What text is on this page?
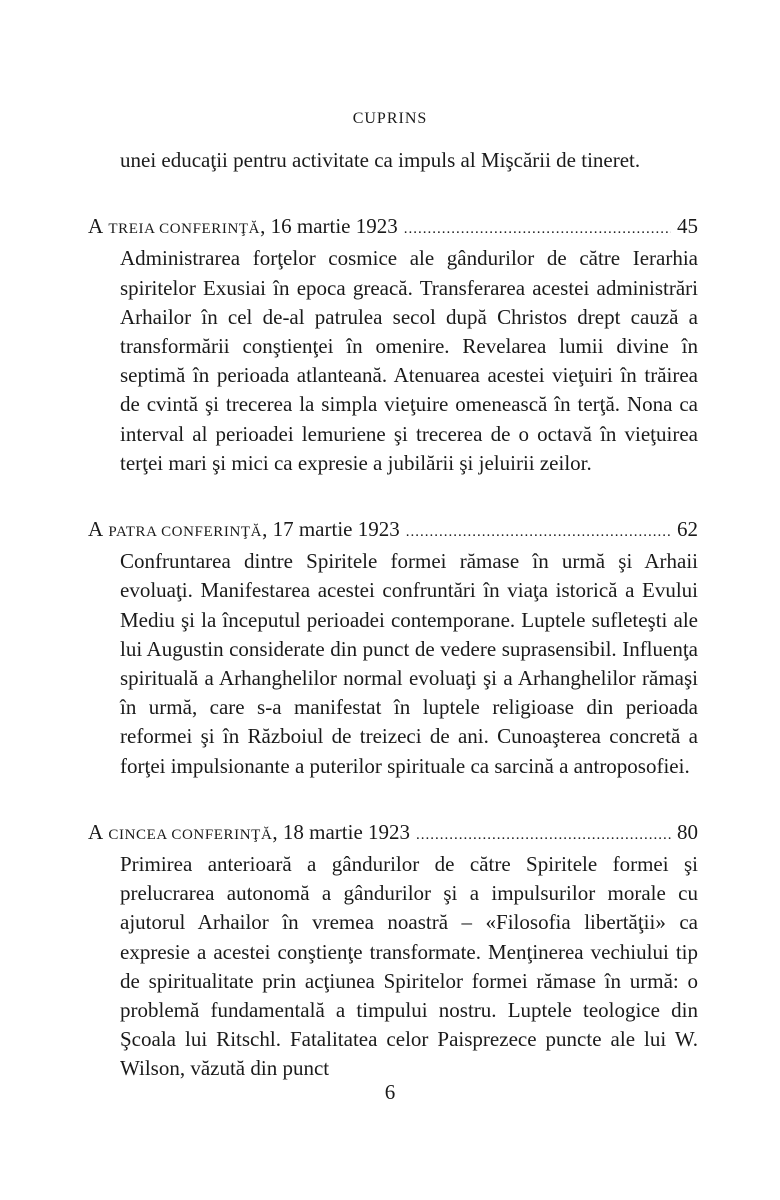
CUPRINS

unei educaţii pentru activitate ca impuls al Mişcării de tineret.

A
TREIA CONFERINŢĂ , 16 martie 1923 .....	45

Administrarea forţelor cosmice ale gândurilor de către Ierarhia spiritelor Exusiai în epoca greacă. Transferarea acestei administrări Arhailor în cel de-al patrulea secol după Christos drept cauză a transformării conştienţei în omenire. Revelarea lumii divine în septimă în perioada atlanteană. Atenuarea acestei vieţuiri în trăirea de cvintă şi trecerea la simpla vieţuire omenească în terţă. Nona ca interval al perioadei lemuriene şi trecerea de o octavă în vieţuirea terţei mari şi mici ca expresie a jubilării şi jeluirii zeilor.

A
PATRA CONFERINŢĂ , 17 martie 1923 .....	62

Confruntarea dintre Spiritele formei rămase în urmă şi Arhaii evoluaţi. Manifestarea acestei confruntări în viaţa istorică a Evului Mediu şi la începutul perioadei contemporane. Luptele sufleteşti ale lui Augustin considerate din punct de vedere suprasensibil. Influenţa spirituală a Arhanghelilor normal evoluaţi şi a Arhanghelilor rămaşi în urmă, care s-a manifestat în luptele religioase din perioada reformei şi în Războiul de treizeci de ani. Cunoaşterea concretă a forţei impulsionante a puterilor spirituale ca sarcină a antroposofiei.

A
CINCEA CONFERINŢĂ , 18 martie 1923 .....	80

Primirea anterioară a gândurilor de către Spiritele formei şi prelucrarea autonomă a gândurilor şi a impulsurilor morale cu ajutorul Arhailor în vremea noastră – «Filosofia libertăţii» ca expresie a acestei conştienţe transformate. Menţinerea vechiului tip de spiritualitate prin acţiunea Spiritelor formei rămase în urmă: o problemă fundamentală a timpului nostru. Luptele teologice din Şcoala lui Ritschl. Fatalitatea celor Paisprezece puncte ale lui W. Wilson, văzută din punct

6
